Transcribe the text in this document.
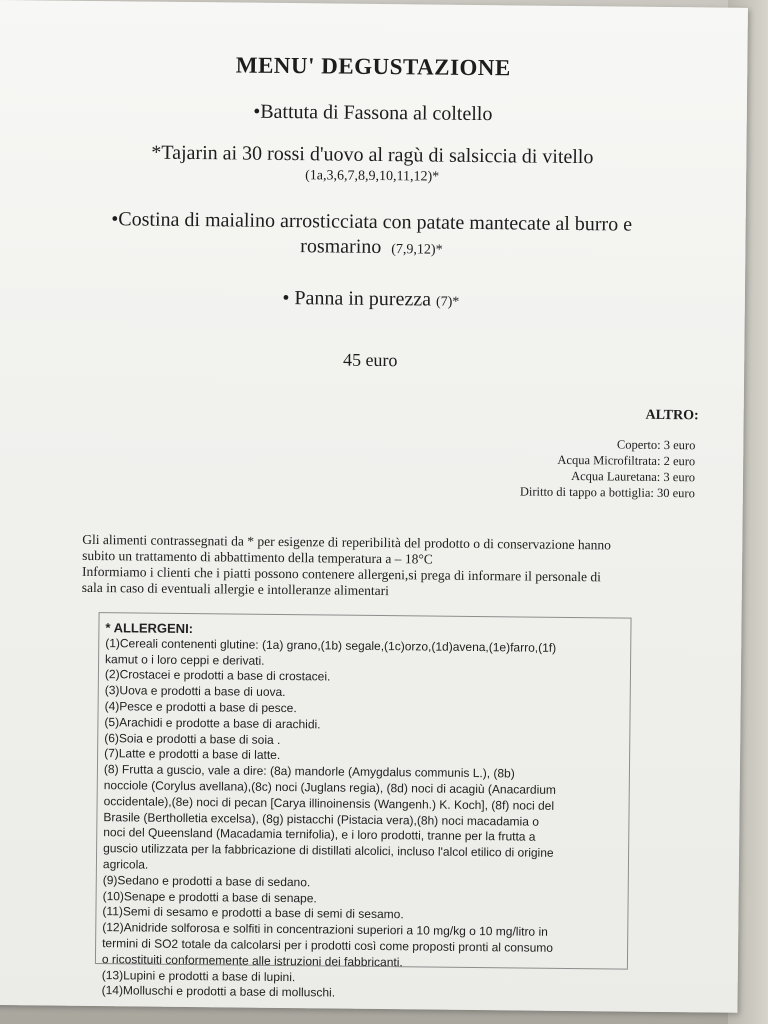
MENU' DEGUSTAZIONE
•Battuta di Fassona al coltello
*Tajarin ai 30 rossi d'uovo al ragù di salsiccia di vitello
(1a,3,6,7,8,9,10,11,12)*
•Costina di maialino arrosticciata con patate mantecate al burro e
rosmarino (7,9,12)*
• Panna in purezza (7)*
45 euro
ALTRO:
Coperto: 3 euro
Acqua Microfiltrata: 2 euro
Acqua Lauretana: 3 euro
Diritto di tappo a bottiglia: 30 euro
Gli alimenti contrassegnati da * per esigenze di reperibilità del prodotto o di conservazione hanno
subito un trattamento di abbattimento della temperatura a – 18°C
Informiamo i clienti che i piatti possono contenere allergeni,si prega di informare il personale di
sala in caso di eventuali allergie e intolleranze alimentari
* ALLERGENI:
(1)Cereali contenenti glutine: (1a) grano,(1b) segale,(1c)orzo,(1d)avena,(1e)farro,(1f)
kamut o i loro ceppi e derivati.
(2)Crostacei e prodotti a base di crostacei.
(3)Uova e prodotti a base di uova.
(4)Pesce e prodotti a base di pesce.
(5)Arachidi e prodotte a base di arachidi.
(6)Soia e prodotti a base di soia .
(7)Latte e prodotti a base di latte.
(8) Frutta a guscio, vale a dire: (8a) mandorle (Amygdalus communis L.), (8b)
nocciole (Corylus avellana),(8c) noci (Juglans regia), (8d) noci di acagiù (Anacardium
occidentale),(8e) noci di pecan [Carya illinoinensis (Wangenh.) K. Koch], (8f) noci del
Brasile (Bertholletia excelsa), (8g) pistacchi (Pistacia vera),(8h) noci macadamia o
noci del Queensland (Macadamia ternifolia), e i loro prodotti, tranne per la frutta a
guscio utilizzata per la fabbricazione di distillati alcolici, incluso l'alcol etilico di origine
agricola.
(9)Sedano e prodotti a base di sedano.
(10)Senape e prodotti a base di senape.
(11)Semi di sesamo e prodotti a base di semi di sesamo.
(12)Anidride solforosa e solfiti in concentrazioni superiori a 10 mg/kg o 10 mg/litro in
termini di SO2 totale da calcolarsi per i prodotti così come proposti pronti al consumo
o ricostituiti conformemente alle istruzioni dei fabbricanti.
(13)Lupini e prodotti a base di lupini.
(14)Molluschi e prodotti a base di molluschi.
